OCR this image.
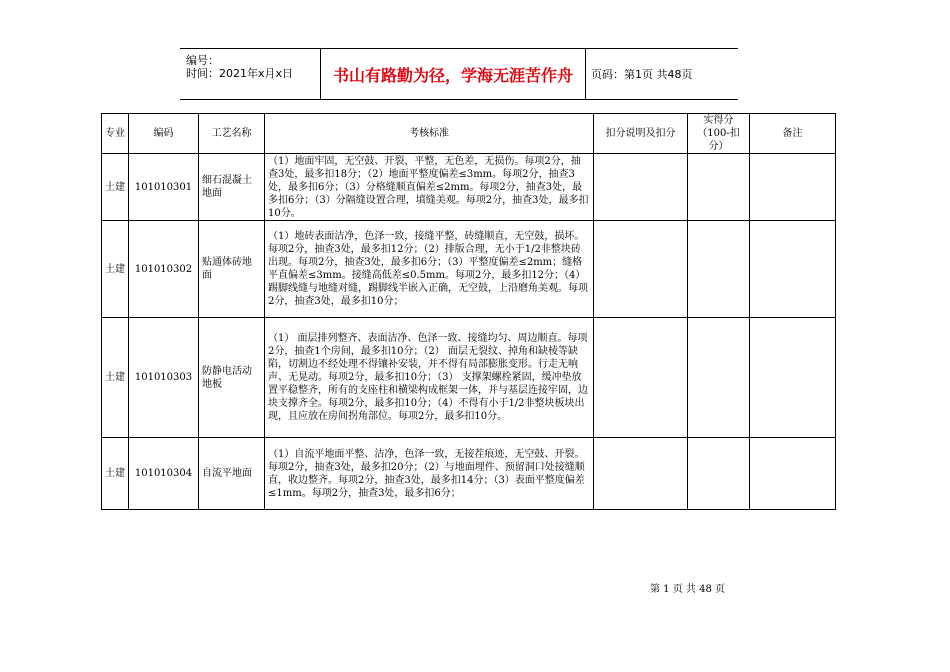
编号：
时间：2021年x月x日	书山有路勤为径，学海无涯苦作舟	页码：第1页 共48页
专业	编码	工艺名称	考核标准	扣分说明及扣分	实得分（100-扣分）	备注
土建	101010301	细石混凝土地面	（1）地面牢固，无空鼓、开裂，平整，无色差，无损伤。每项2分，抽查3处，最多扣18分；（2）地面平整度偏差≤3mm。每项2分，抽查3处，最多扣6分；（3）分格缝顺直偏差≤2mm。每项2分，抽查3处，最多扣6分；（3）分隔缝设置合理，填缝美观。每项2分，抽查3处，最多扣10分。			
土建	101010302	贴通体砖地面	（1）地砖表面洁净，色泽一致，接缝平整，砖缝顺直，无空鼓，损坏。每项2分，抽查3处，最多扣12分；（2）排版合理，无小于1/2非整块砖出现。每项2分，抽查3处，最多扣6分；（3）平整度偏差≤2mm；缝格平直偏差≤3mm。接缝高低差≤0.5mm。每项2分，最多扣12分；（4）踢脚线缝与地缝对缝，踢脚线半嵌入正确，无空鼓，上沿磨角美观。每项2分，抽查3处，最多扣10分；			
土建	101010303	防静电活动地板	（1） 面层排列整齐、表面洁净、色泽一致、接缝均匀、周边顺直。每项2分，抽查1个房间，最多扣10分；（2） 面层无裂纹、掉角和缺棱等缺陷，切割边不经处理不得镶补安装，并不得有局部膨胀变形。行走无响声、无晃动。每项2分，最多扣10分；（3） 支撑架螺栓紧固，缓冲垫放置平稳整齐，所有的支座柱和横梁构成框架一体，并与基层连接牢固，边块支撑齐全。每项2分，最多扣10分；（4）不得有小于1/2非整块板块出现，且应放在房间拐角部位。每项2分，最多扣10分。			
土建	101010304	自流平地面	（1）自流平地面平整、洁净，色泽一致，无接茬痕迹，无空鼓、开裂。每项2分，抽查3处，最多扣20分；（2）与地面埋件、预留洞口处接缝顺直，收边整齐。每项2分，抽查3处，最多扣14分；（3）表面平整度偏差≤1mm。每项2分，抽查3处，最多扣6分；			
第 1 页 共 48 页
